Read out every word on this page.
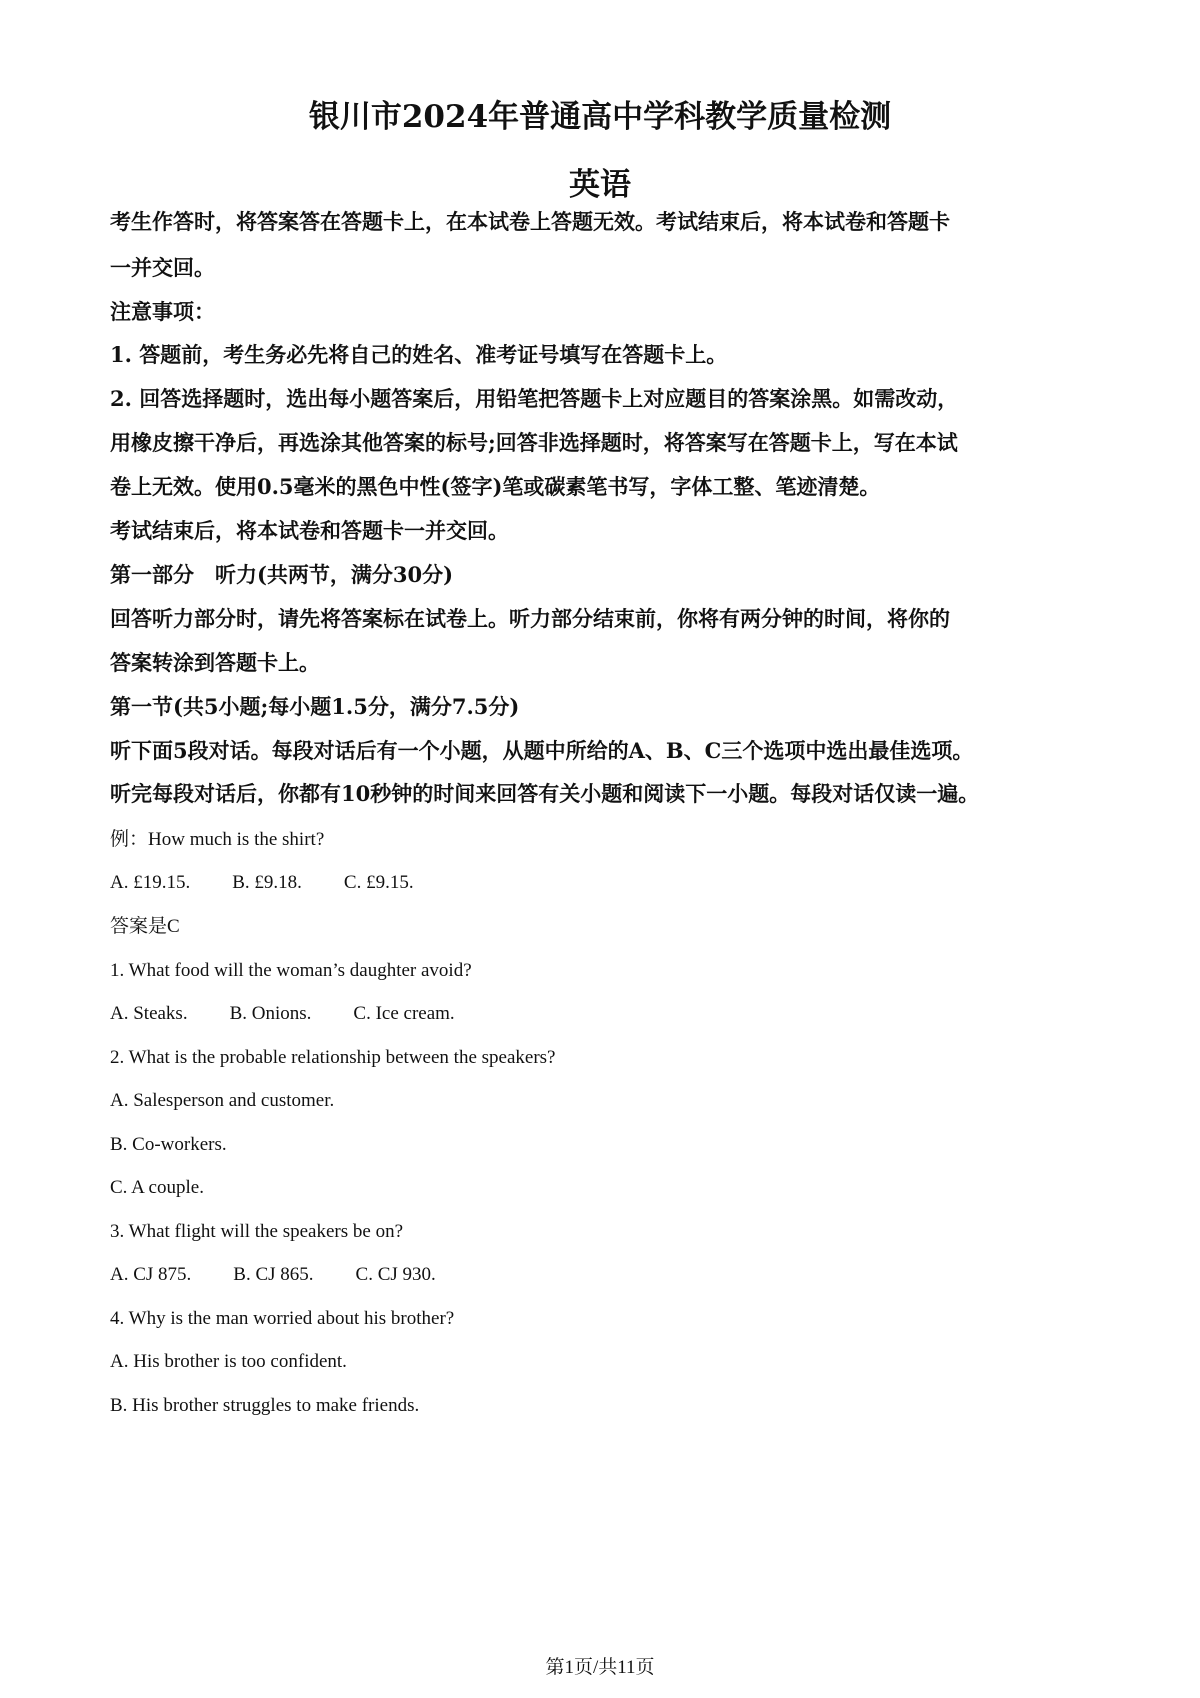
银川市2024年普通高中学科教学质量检测
英语
考生作答时，将答案答在答题卡上，在本试卷上答题无效。考试结束后，将本试卷和答题卡
一并交回。
注意事项：
1. 答题前，考生务必先将自己的姓名、准考证号填写在答题卡上。
2. 回答选择题时，选出每小题答案后，用铅笔把答题卡上对应题目的答案涂黑。如需改动，
用橡皮擦干净后，再选涂其他答案的标号;回答非选择题时，将答案写在答题卡上，写在本试
卷上无效。使用0.5毫米的黑色中性(签字)笔或碳素笔书写，字体工整、笔迹清楚。
考试结束后，将本试卷和答题卡一并交回。
第一部分　听力(共两节，满分30分)
回答听力部分时，请先将答案标在试卷上。听力部分结束前，你将有两分钟的时间，将你的
答案转涂到答题卡上。
第一节(共5小题;每小题1.5分，满分7.5分)
听下面5段对话。每段对话后有一个小题，从题中所给的A、B、C三个选项中选出最佳选项。
听完每段对话后，你都有10秒钟的时间来回答有关小题和阅读下一小题。每段对话仅读一遍。
例：How much is the shirt?
A. £19.15. B. £9.18. C. £9.15.
答案是C
1. What food will the woman’s daughter avoid?
A. Steaks. B. Onions. C. Ice cream.
2. What is the probable relationship between the speakers?
A. Salesperson and customer.
B. Co-workers.
C. A couple.
3. What flight will the speakers be on?
A. CJ 875. B. CJ 865. C. CJ 930.
4. Why is the man worried about his brother?
A. His brother is too confident.
B. His brother struggles to make friends.
第1页/共11页
